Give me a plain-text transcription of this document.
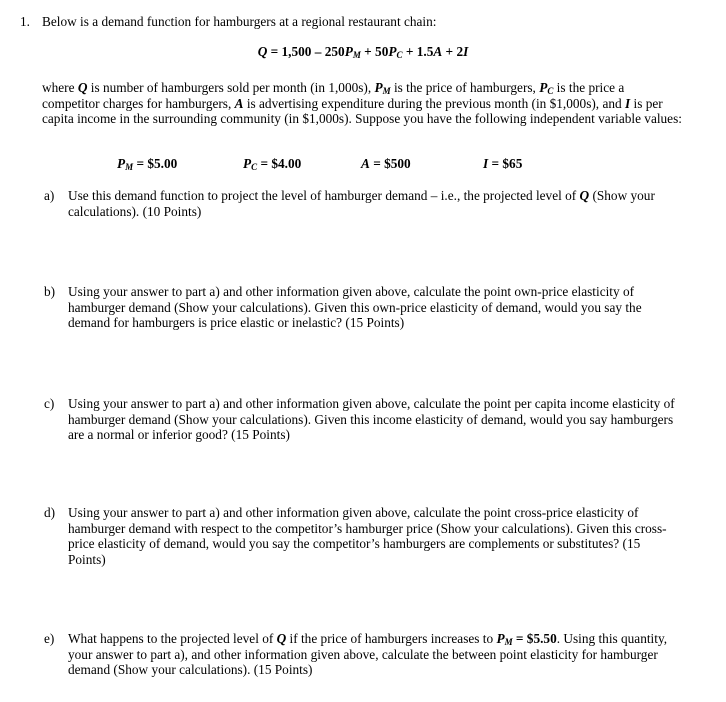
1. Below is a demand function for hamburgers at a regional restaurant chain:
$Q = 1,500 - 250P_M + 50P_C + 1.5A + 2I$
where Q is number of hamburgers sold per month (in 1,000s), $P_M$ is the price of hamburgers, $P_C$ is the price a competitor charges for hamburgers, A is advertising expenditure during the previous month (in $1,000s), and I is per capita income in the surrounding community (in $1,000s). Suppose you have the following independent variable values:
$P_M$ = $5.00	$P_C$ = $4.00	A = $500	I = $65
a) Use this demand function to project the level of hamburger demand – i.e., the projected level of Q (Show your calculations). (10 Points)
b) Using your answer to part a) and other information given above, calculate the point own-price elasticity of hamburger demand (Show your calculations). Given this own-price elasticity of demand, would you say the demand for hamburgers is price elastic or inelastic? (15 Points)
c) Using your answer to part a) and other information given above, calculate the point per capita income elasticity of hamburger demand (Show your calculations). Given this income elasticity of demand, would you say hamburgers are a normal or inferior good? (15 Points)
d) Using your answer to part a) and other information given above, calculate the point cross-price elasticity of hamburger demand with respect to the competitor’s hamburger price (Show your calculations). Given this cross-price elasticity of demand, would you say the competitor’s hamburgers are complements or substitutes? (15 Points)
e) What happens to the projected level of Q if the price of hamburgers increases to $P_M$ = $5.50. Using this quantity, your answer to part a), and other information given above, calculate the between point elasticity for hamburger demand (Show your calculations). (15 Points)
